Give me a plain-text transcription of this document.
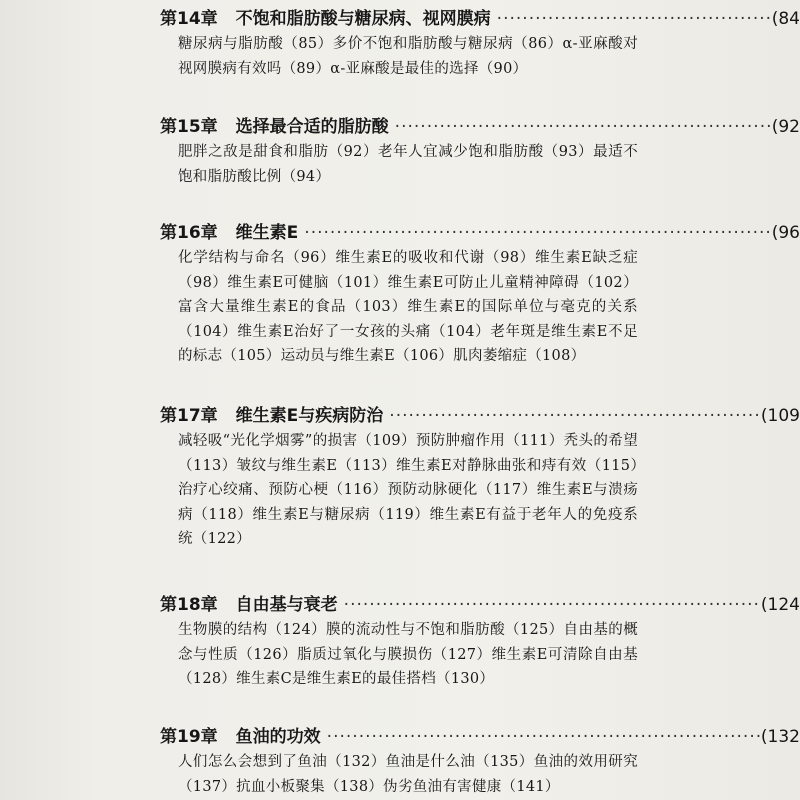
第14章 不饱和脂肪酸与糖尿病、视网膜病 ·····	(84
糖尿病与脂肪酸（85）多价不饱和脂肪酸与糖尿病（86）α-亚麻酸对视网膜病有效吗（89）α-亚麻酸是最佳的选择（90）
第15章 选择最合适的脂肪酸 ·····	(92
肥胖之敌是甜食和脂肪（92）老年人宜减少饱和脂肪酸（93）最适不饱和脂肪酸比例（94）
第16章 维生素E ·····	(96
化学结构与命名（96）维生素E的吸收和代谢（98）维生素E缺乏症（98）维生素E可健脑（101）维生素E可防止儿童精神障碍（102）富含大量维生素E的食品（103）维生素E的国际单位与毫克的关系（104）维生素E治好了一女孩的头痛（104）老年斑是维生素E不足的标志（105）运动员与维生素E（106）肌肉萎缩症（108）
第17章 维生素E与疾病防治 ·····	(109
减轻吸“光化学烟雾”的损害（109）预防肿瘤作用（111）秃头的希望（113）皱纹与维生素E（113）维生素E对静脉曲张和痔有效（115）治疗心绞痛、预防心梗（116）预防动脉硬化（117）维生素E与溃疡病（118）维生素E与糖尿病（119）维生素E有益于老年人的免疫系统（122）
第18章 自由基与衰老 ·····	(124
生物膜的结构（124）膜的流动性与不饱和脂肪酸（125）自由基的概念与性质（126）脂质过氧化与膜损伤（127）维生素E可清除自由基（128）维生素C是维生素E的最佳搭档（130）
第19章 鱼油的功效 ·····	(132
人们怎么会想到了鱼油（132）鱼油是什么油（135）鱼油的效用研究（137）抗血小板聚集（138）伪劣鱼油有害健康（141）
